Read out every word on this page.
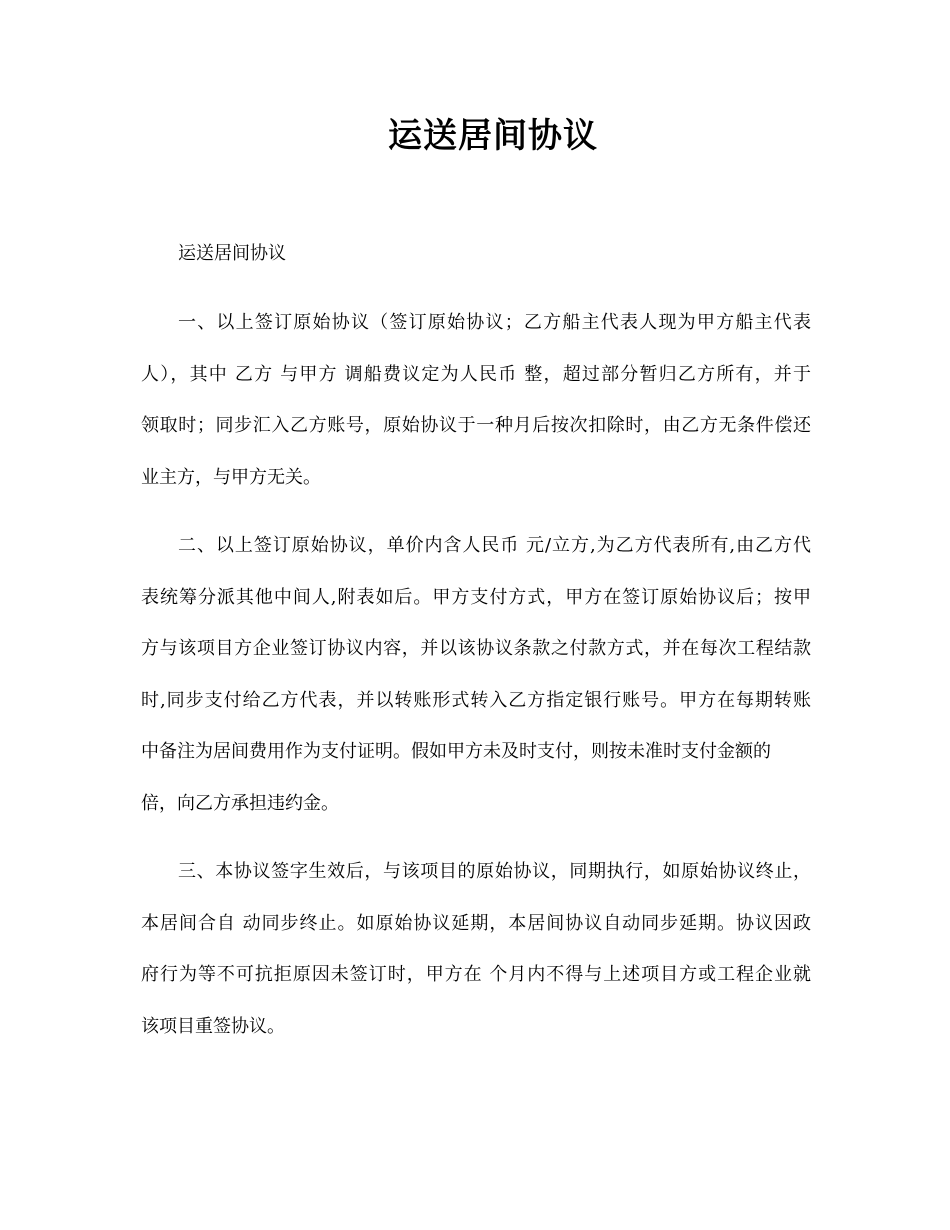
运送居间协议
运送居间协议
一、以上签订原始协议（签订原始协议；乙方船主代表人现为甲方船主代表
人），其中 乙方 与甲方 调船费议定为人民币 整，超过部分暂归乙方所有，并于
领取时；同步汇入乙方账号，原始协议于一种月后按次扣除时，由乙方无条件偿还
业主方，与甲方无关。
二、以上签订原始协议，单价内含人民币 元/立方,为乙方代表所有,由乙方代
表统筹分派其他中间人,附表如后。甲方支付方式，甲方在签订原始协议后；按甲
方与该项目方企业签订协议内容，并以该协议条款之付款方式，并在每次工程结款
时,同步支付给乙方代表，并以转账形式转入乙方指定银行账号。甲方在每期转账
中备注为居间费用作为支付证明。假如甲方未及时支付，则按未准时支付金额的
倍，向乙方承担违约金。
三、本协议签字生效后，与该项目的原始协议，同期执行，如原始协议终止，
本居间合自 动同步终止。如原始协议延期，本居间协议自动同步延期。协议因政
府行为等不可抗拒原因未签订时，甲方在 个月内不得与上述项目方或工程企业就
该项目重签协议。
